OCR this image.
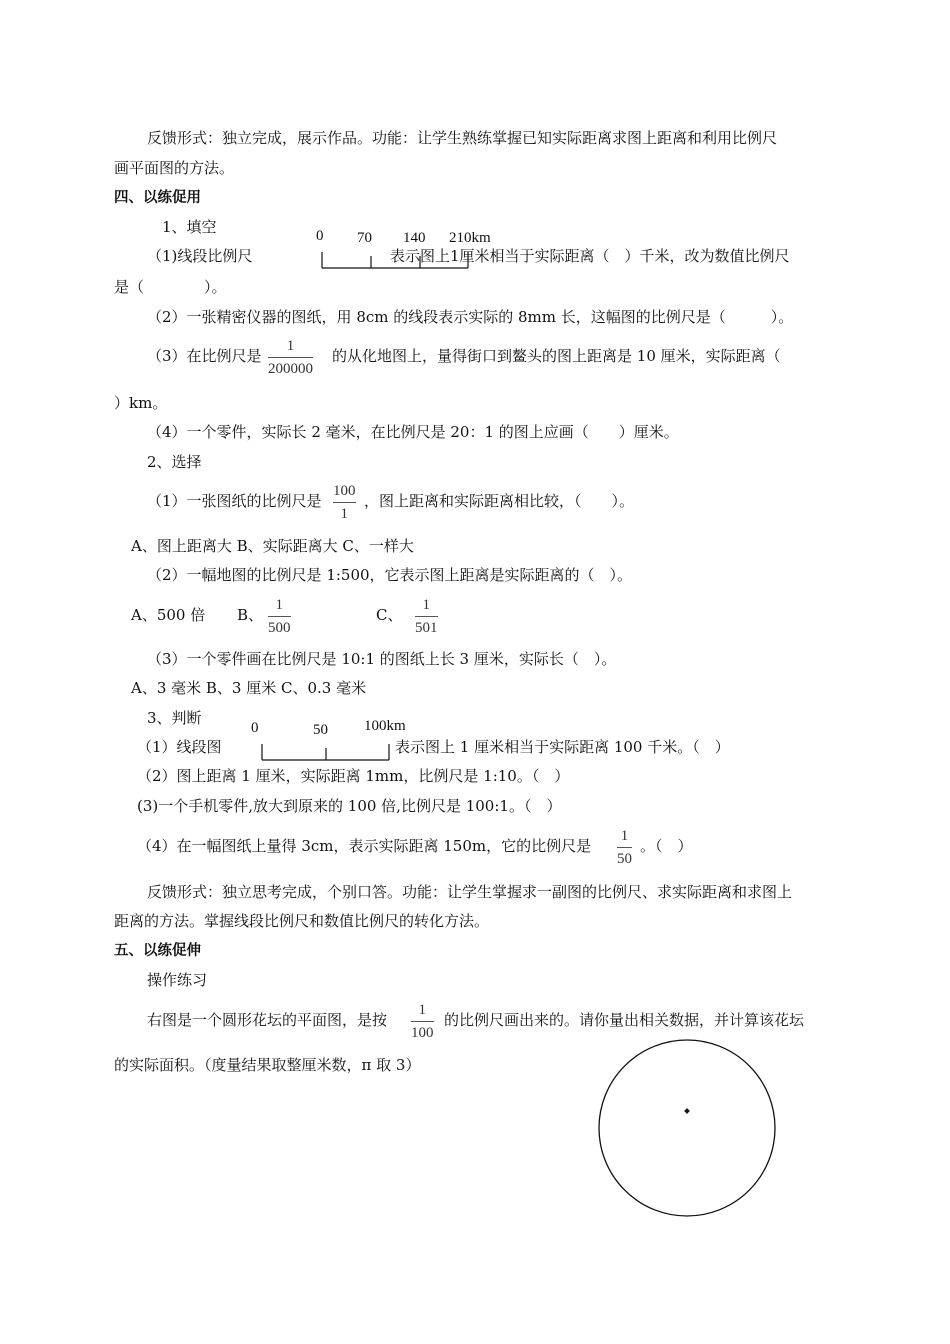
反馈形式：独立完成，展示作品。功能：让学生熟练掌握已知实际距离求图上距离和利用比例尺
画平面图的方法。
四、以练促用
1、填空	0 70 140 210km
（1)线段比例尺	表示图上1厘米相当于实际距离（　）千米，改为数值比例尺
是（　　　　）。
（2）一张精密仪器的图纸，用 8cm 的线段表示实际的 8mm 长，这幅图的比例尺是（　　　）。
（3）在比例尺是
1
200000
的从化地图上，量得街口到鳌头的图上距离是 10 厘米，实际距离（
）km。
（4）一个零件，实际长 2 毫米，在比例尺是 20：1 的图上应画（　　）厘米。
2、选择
（1）一张图纸的比例尺是
100
1
，图上距离和实际距离相比较，（　　）。
A、图上距离大 B、实际距离大 C、一样大
（2）一幅地图的比例尺是 1:500，它表示图上距离是实际距离的（　）。
A、500 倍 B、
1
500
C、
1
501
（3）一个零件画在比例尺是 10:1 的图纸上长 3 厘米，实际长（　）。
A、3 毫米 B、3 厘米 C、0.3 毫米
3、判断
0	50 100km
（1）线段图	表示图上 1 厘米相当于实际距离 100 千米。（　）
（2）图上距离 1 厘米，实际距离 1mm，比例尺是 1:10。（　）
(3)一个手机零件,放大到原来的 100 倍,比例尺是 100:1。（　）
（4）在一幅图纸上量得 3cm，表示实际距离 150m，它的比例尺是
1
50
。（　）
反馈形式：独立思考完成，个别口答。功能：让学生掌握求一副图的比例尺、求实际距离和求图上
距离的方法。掌握线段比例尺和数值比例尺的转化方法。
五、以练促伸
操作练习
右图是一个圆形花坛的平面图，是按
1
100
的比例尺画出来的。请你量出相关数据，并计算该花坛
的实际面积。（度量结果取整厘米数，π 取 3）
